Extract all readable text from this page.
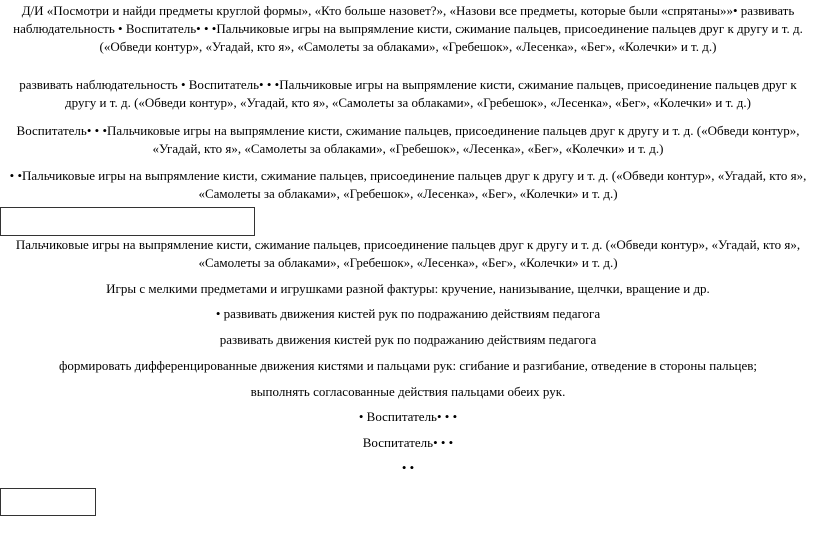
Д/И «Посмотри и найди предметы круглой формы», «Кто больше назовет?», «Назови все предметы, которые были «спрятаны»»• развивать наблюдательность • Воспитатель• • •Пальчиковые игры на выпрямление кисти, сжимание пальцев, присоединение пальцев друг к другу и т. д. («Обведи контур», «Угадай, кто я», «Самолеты за облаками», «Гребешок», «Лесенка», «Бег», «Колечки» и т. д.)

развивать наблюдательность • Воспитатель• • •Пальчиковые игры на выпрямление кисти, сжимание пальцев, присоединение пальцев друг к другу и т. д. («Обведи контур», «Угадай, кто я», «Самолеты за облаками», «Гребешок», «Лесенка», «Бег», «Колечки» и т. д.)

Воспитатель• • •Пальчиковые игры на выпрямление кисти, сжимание пальцев, присоединение пальцев друг к другу и т. д. («Обведи контур», «Угадай, кто я», «Самолеты за облаками», «Гребешок», «Лесенка», «Бег», «Колечки» и т. д.)

• •Пальчиковые игры на выпрямление кисти, сжимание пальцев, присоединение пальцев друг к другу и т. д. («Обведи контур», «Угадай, кто я», «Самолеты за облаками», «Гребешок», «Лесенка», «Бег», «Колечки» и т. д.)

Пальчиковые игры на выпрямление кисти, сжимание пальцев, присоединение пальцев друг к другу и т. д. («Обведи контур», «Угадай, кто я», «Самолеты за облаками», «Гребешок», «Лесенка», «Бег», «Колечки» и т. д.)

Игры с мелкими предметами и игрушками разной фактуры: кручение, нанизывание, щелчки, вращение и др.

• развивать движения кистей рук по подражанию действиям педагога

развивать движения кистей рук по подражанию действиям педагога

формировать дифференцированные движения кистями и пальцами рук: сгибание и разгибание, отведение в стороны пальцев;

выполнять согласованные действия пальцами обеих рук.

• Воспитатель• • •

Воспитатель• • •

• •
